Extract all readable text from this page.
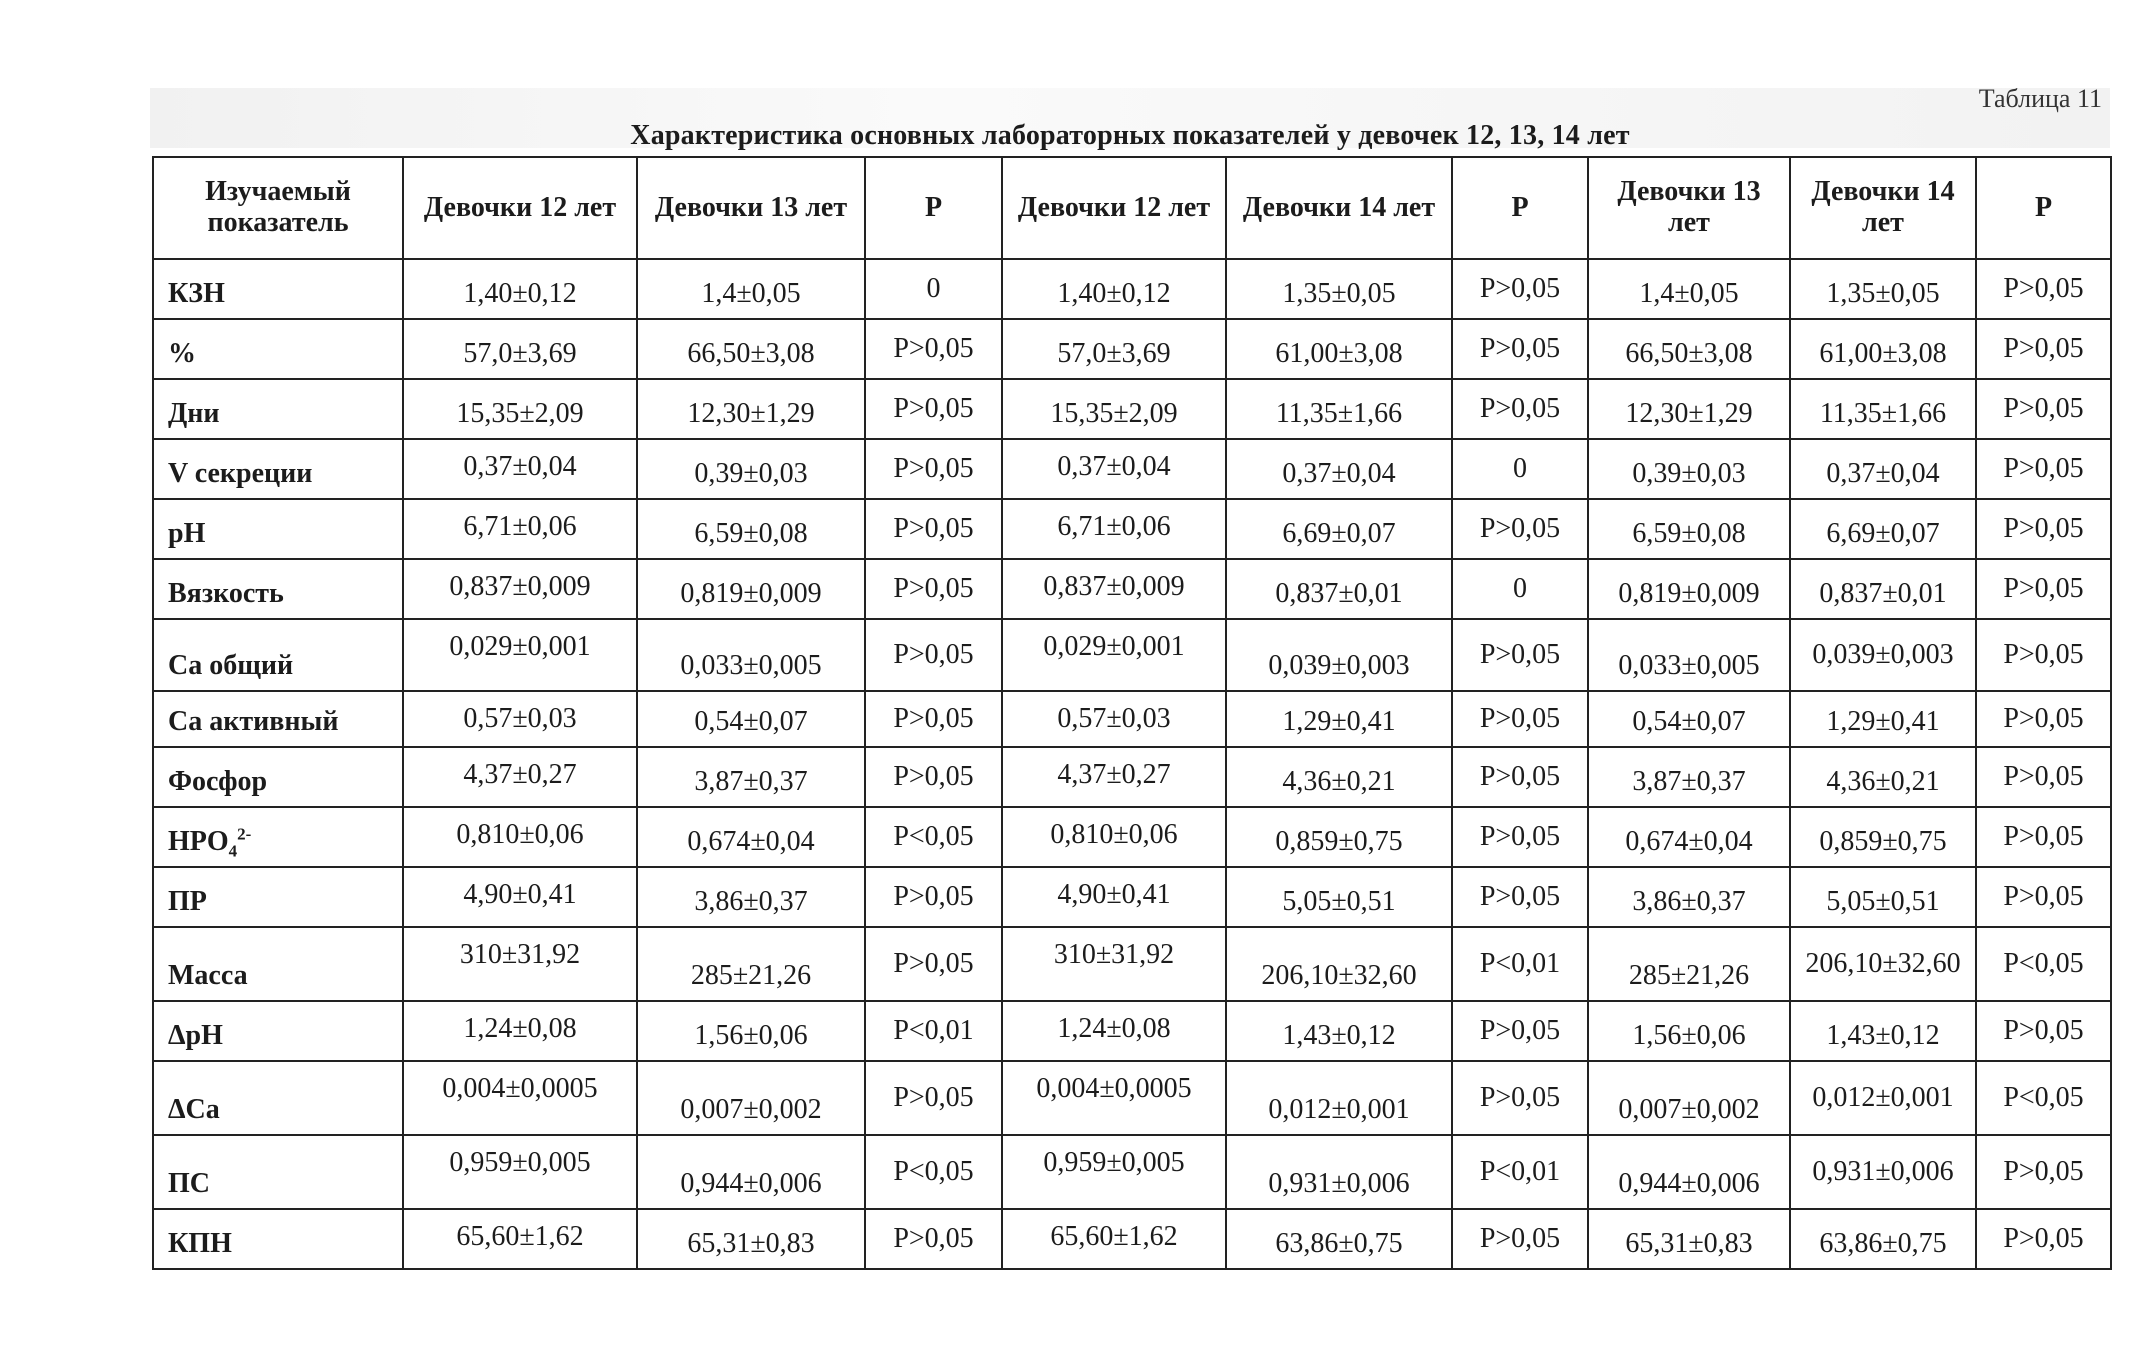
Таблица 11
Характеристика основных лабораторных показателей у девочек 12, 13, 14 лет
Изучаемый показатель	Девочки 12 лет	Девочки 13 лет	Р	Девочки 12 лет	Девочки 14 лет	Р	Девочки 13 лет	Девочки 14 лет	Р
КЗН	1,40±0,12	1,4±0,05	0	1,40±0,12	1,35±0,05	Р>0,05	1,4±0,05	1,35±0,05	Р>0,05
%	57,0±3,69	66,50±3,08	Р>0,05	57,0±3,69	61,00±3,08	Р>0,05	66,50±3,08	61,00±3,08	Р>0,05
Дни	15,35±2,09	12,30±1,29	Р>0,05	15,35±2,09	11,35±1,66	Р>0,05	12,30±1,29	11,35±1,66	Р>0,05
V секреции	0,37±0,04	0,39±0,03	Р>0,05	0,37±0,04	0,37±0,04	0	0,39±0,03	0,37±0,04	Р>0,05
рН	6,71±0,06	6,59±0,08	Р>0,05	6,71±0,06	6,69±0,07	Р>0,05	6,59±0,08	6,69±0,07	Р>0,05
Вязкость	0,837±0,009	0,819±0,009	Р>0,05	0,837±0,009	0,837±0,01	0	0,819±0,009	0,837±0,01	Р>0,05
Са общий	0,029±0,001	0,033±0,005	Р>0,05	0,029±0,001	0,039±0,003	Р>0,05	0,033±0,005	0,039±0,003	Р>0,05
Са активный	0,57±0,03	0,54±0,07	Р>0,05	0,57±0,03	1,29±0,41	Р>0,05	0,54±0,07	1,29±0,41	Р>0,05
Фосфор	4,37±0,27	3,87±0,37	Р>0,05	4,37±0,27	4,36±0,21	Р>0,05	3,87±0,37	4,36±0,21	Р>0,05
$HPO_4^{2-}$	0,810±0,06	0,674±0,04	Р<0,05	0,810±0,06	0,859±0,75	Р>0,05	0,674±0,04	0,859±0,75	Р>0,05
ПР	4,90±0,41	3,86±0,37	Р>0,05	4,90±0,41	5,05±0,51	Р>0,05	3,86±0,37	5,05±0,51	Р>0,05
Масса	310±31,92	285±21,26	Р>0,05	310±31,92	206,10±32,60	Р<0,01	285±21,26	206,10±32,60	Р<0,05
ΔрН	1,24±0,08	1,56±0,06	Р<0,01	1,24±0,08	1,43±0,12	Р>0,05	1,56±0,06	1,43±0,12	Р>0,05
ΔСа	0,004±0,0005	0,007±0,002	Р>0,05	0,004±0,0005	0,012±0,001	Р>0,05	0,007±0,002	0,012±0,001	Р<0,05
ПС	0,959±0,005	0,944±0,006	Р<0,05	0,959±0,005	0,931±0,006	Р<0,01	0,944±0,006	0,931±0,006	Р>0,05
КПН	65,60±1,62	65,31±0,83	Р>0,05	65,60±1,62	63,86±0,75	Р>0,05	65,31±0,83	63,86±0,75	Р>0,05
